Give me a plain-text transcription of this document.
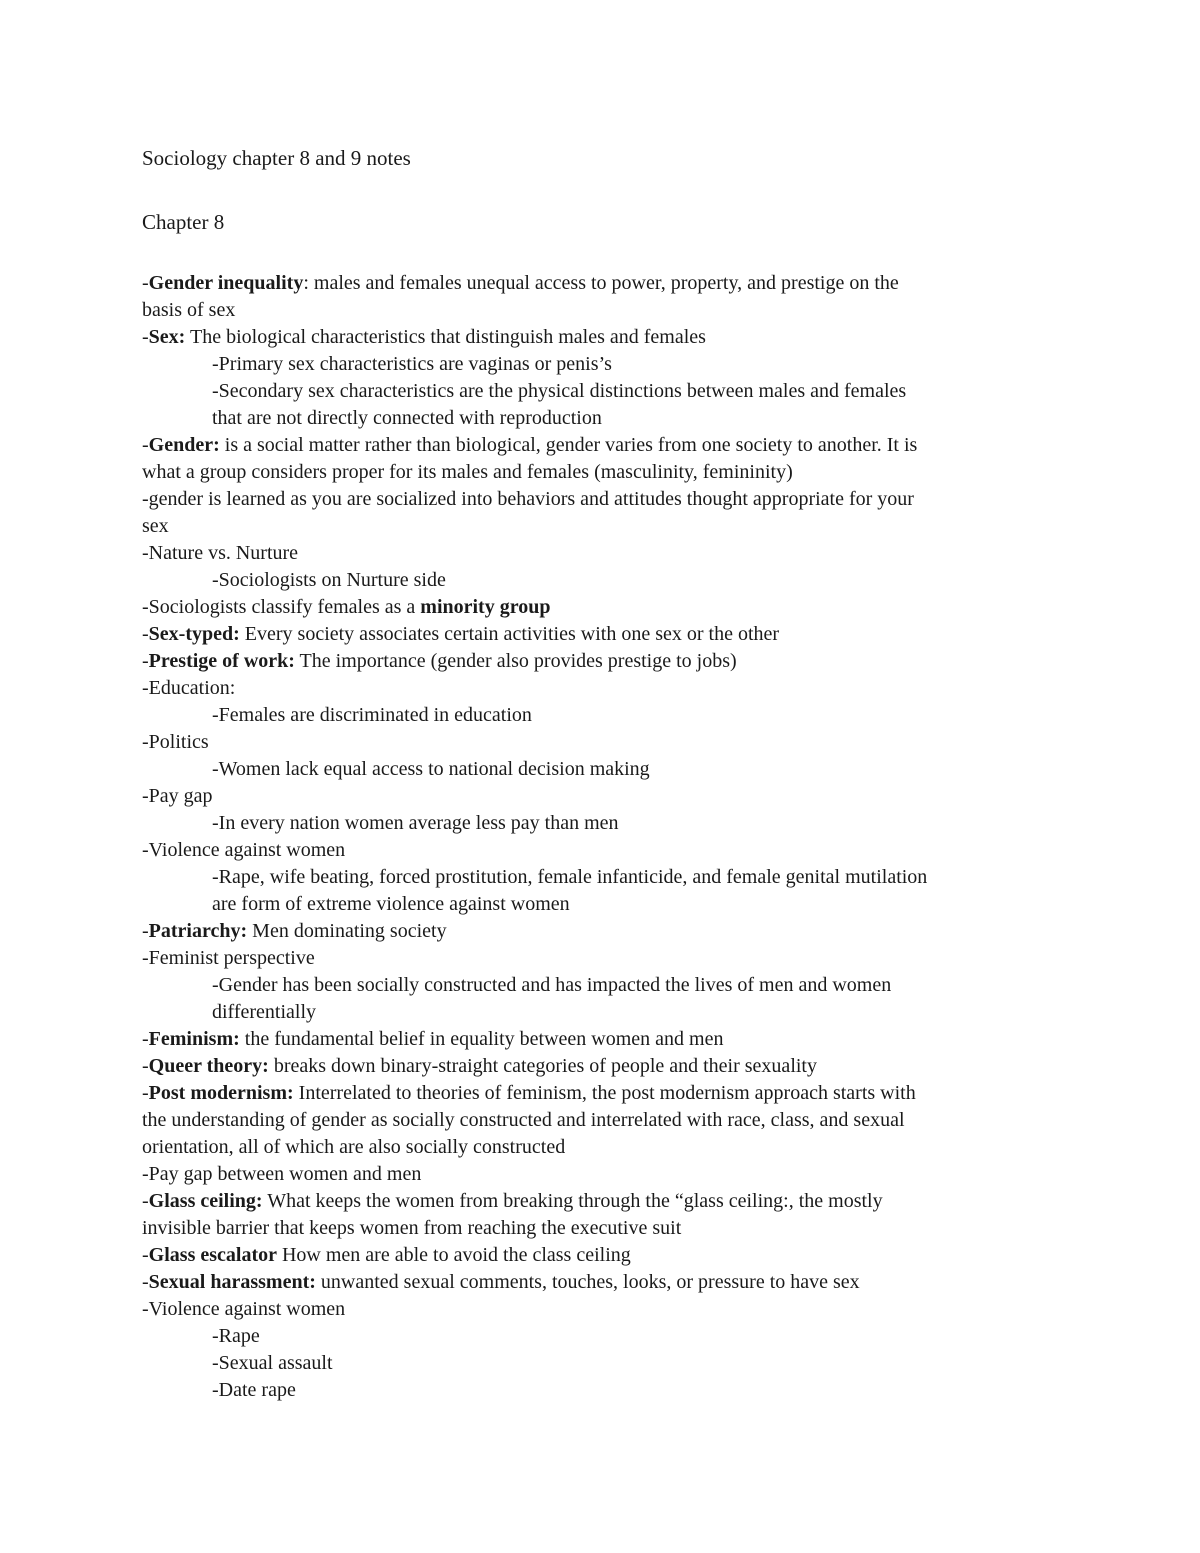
Sociology chapter 8 and 9 notes
Chapter 8
-Gender inequality: males and females unequal access to power, property, and prestige on the
basis of sex
-Sex: The biological characteristics that distinguish males and females
-Primary sex characteristics are vaginas or penis’s
-Secondary sex characteristics are the physical distinctions between males and females
that are not directly connected with reproduction
-Gender: is a social matter rather than biological, gender varies from one society to another. It is
what a group considers proper for its males and females (masculinity, femininity)
-gender is learned as you are socialized into behaviors and attitudes thought appropriate for your
sex
-Nature vs. Nurture
-Sociologists on Nurture side
-Sociologists classify females as a minority group
-Sex-typed: Every society associates certain activities with one sex or the other
-Prestige of work: The importance (gender also provides prestige to jobs)
-Education:
-Females are discriminated in education
-Politics
-Women lack equal access to national decision making
-Pay gap
-In every nation women average less pay than men
-Violence against women
-Rape, wife beating, forced prostitution, female infanticide, and female genital mutilation
are form of extreme violence against women
-Patriarchy: Men dominating society
-Feminist perspective
-Gender has been socially constructed and has impacted the lives of men and women
differentially
-Feminism: the fundamental belief in equality between women and men
-Queer theory: breaks down binary-straight categories of people and their sexuality
-Post modernism: Interrelated to theories of feminism, the post modernism approach starts with
the understanding of gender as socially constructed and interrelated with race, class, and sexual
orientation, all of which are also socially constructed
-Pay gap between women and men
-Glass ceiling: What keeps the women from breaking through the “glass ceiling:, the mostly
invisible barrier that keeps women from reaching the executive suit
-Glass escalator How men are able to avoid the class ceiling
-Sexual harassment: unwanted sexual comments, touches, looks, or pressure to have sex
-Violence against women
-Rape
-Sexual assault
-Date rape
